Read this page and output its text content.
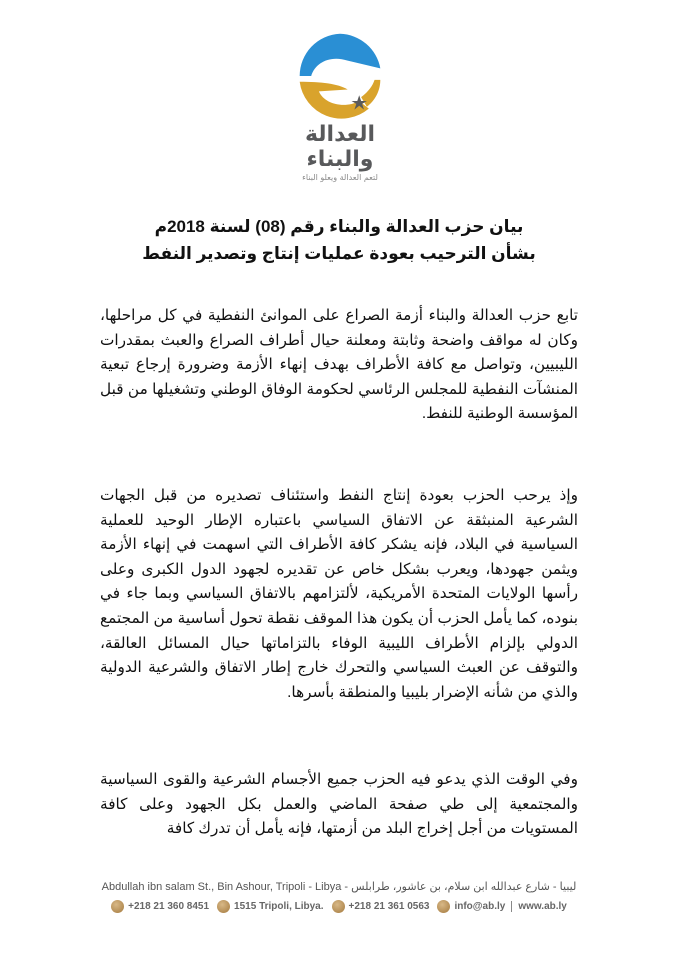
العدالة والبناء
لتعم العدالة ويعلو البناء
بيان حزب العدالة والبناء رقم (08) لسنة 2018م
بشأن الترحيب بعودة عمليات إنتاج وتصدير النفط
تابع حزب العدالة والبناء أزمة الصراع على الموانئ النفطية في كل مراحلها، وكان له مواقف واضحة وثابتة ومعلنة حيال أطراف الصراع والعبث بمقدرات الليبيين، وتواصل مع كافة الأطراف بهدف إنهاء الأزمة وضرورة إرجاع تبعية المنشآت النفطية للمجلس الرئاسي لحكومة الوفاق الوطني وتشغيلها من قبل المؤسسة الوطنية للنفط.
وإذ يرحب الحزب بعودة إنتاج النفط واستئناف تصديره من قبل الجهات الشرعية المنبثقة عن الاتفاق السياسي باعتباره الإطار الوحيد للعملية السياسية في البلاد، فإنه يشكر كافة الأطراف التي اسهمت في إنهاء الأزمة ويثمن جهودها، ويعرب بشكل خاص عن تقديره لجهود الدول الكبرى وعلى رأسها الولايات المتحدة الأمريكية، لألتزامهم بالاتفاق السياسي وبما جاء في بنوده، كما يأمل الحزب أن يكون هذا الموقف نقطة تحول أساسية من المجتمع الدولي بإلزام الأطراف الليبية الوفاء بالتزاماتها حيال المسائل العالقة، والتوقف عن العبث السياسي والتحرك خارج إطار الاتفاق والشرعية الدولية والذي من شأنه الإضرار بليبيا والمنطقة بأسرها.
وفي الوقت الذي يدعو فيه الحزب جميع الأجسام الشرعية والقوى السياسية والمجتمعية إلى طي صفحة الماضي والعمل بكل الجهود وعلى كافة المستويات من أجل إخراج البلد من أزمتها، فإنه يأمل أن تدرك كافة
Abdullah ibn salam St., Bin Ashour, Tripoli - Libya - ليبيا - شارع عبدالله ابن سلام، بن عاشور، طرابلس
+218 21 360 8451	1515 Tripoli, Libya.	+218 21 361 0563	info@ab.ly www.ab.ly
